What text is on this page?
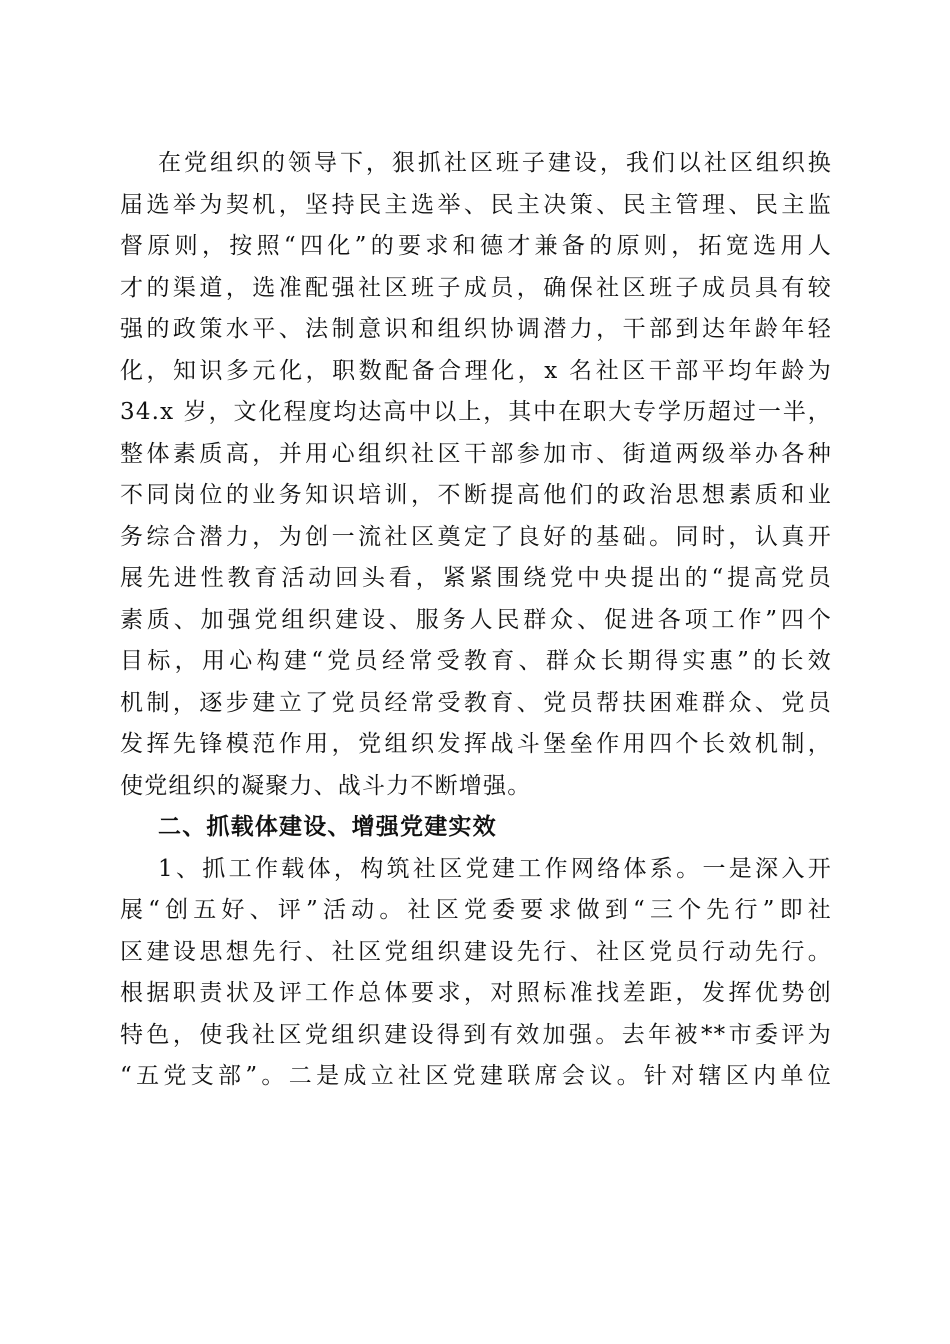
在党组织的领导下，狠抓社区班子建设，我们以社区组织换
届选举为契机，坚持民主选举、民主决策、民主管理、民主监
督原则，按照“四化”的要求和德才兼备的原则，拓宽选用人
才的渠道，选准配强社区班子成员，确保社区班子成员具有较
强的政策水平、法制意识和组织协调潜力，干部到达年龄年轻
化，知识多元化，职数配备合理化，x 名社区干部平均年龄为
34.x 岁，文化程度均达高中以上，其中在职大专学历超过一半，
整体素质高，并用心组织社区干部参加市、街道两级举办各种
不同岗位的业务知识培训，不断提高他们的政治思想素质和业
务综合潜力，为创一流社区奠定了良好的基础。同时，认真开
展先进性教育活动回头看，紧紧围绕党中央提出的“提高党员
素质、加强党组织建设、服务人民群众、促进各项工作”四个
目标，用心构建“党员经常受教育、群众长期得实惠”的长效
机制，逐步建立了党员经常受教育、党员帮扶困难群众、党员
发挥先锋模范作用，党组织发挥战斗堡垒作用四个长效机制，
使党组织的凝聚力、战斗力不断增强。
二、抓载体建设、增强党建实效
1、抓工作载体，构筑社区党建工作网络体系。一是深入开
展“创五好、评”活动。社区党委要求做到“三个先行”即社
区建设思想先行、社区党组织建设先行、社区党员行动先行。
根据职责状及评工作总体要求，对照标准找差距，发挥优势创
特色，使我社区党组织建设得到有效加强。去年被**市委评为
“五党支部”。二是成立社区党建联席会议。针对辖区内单位
